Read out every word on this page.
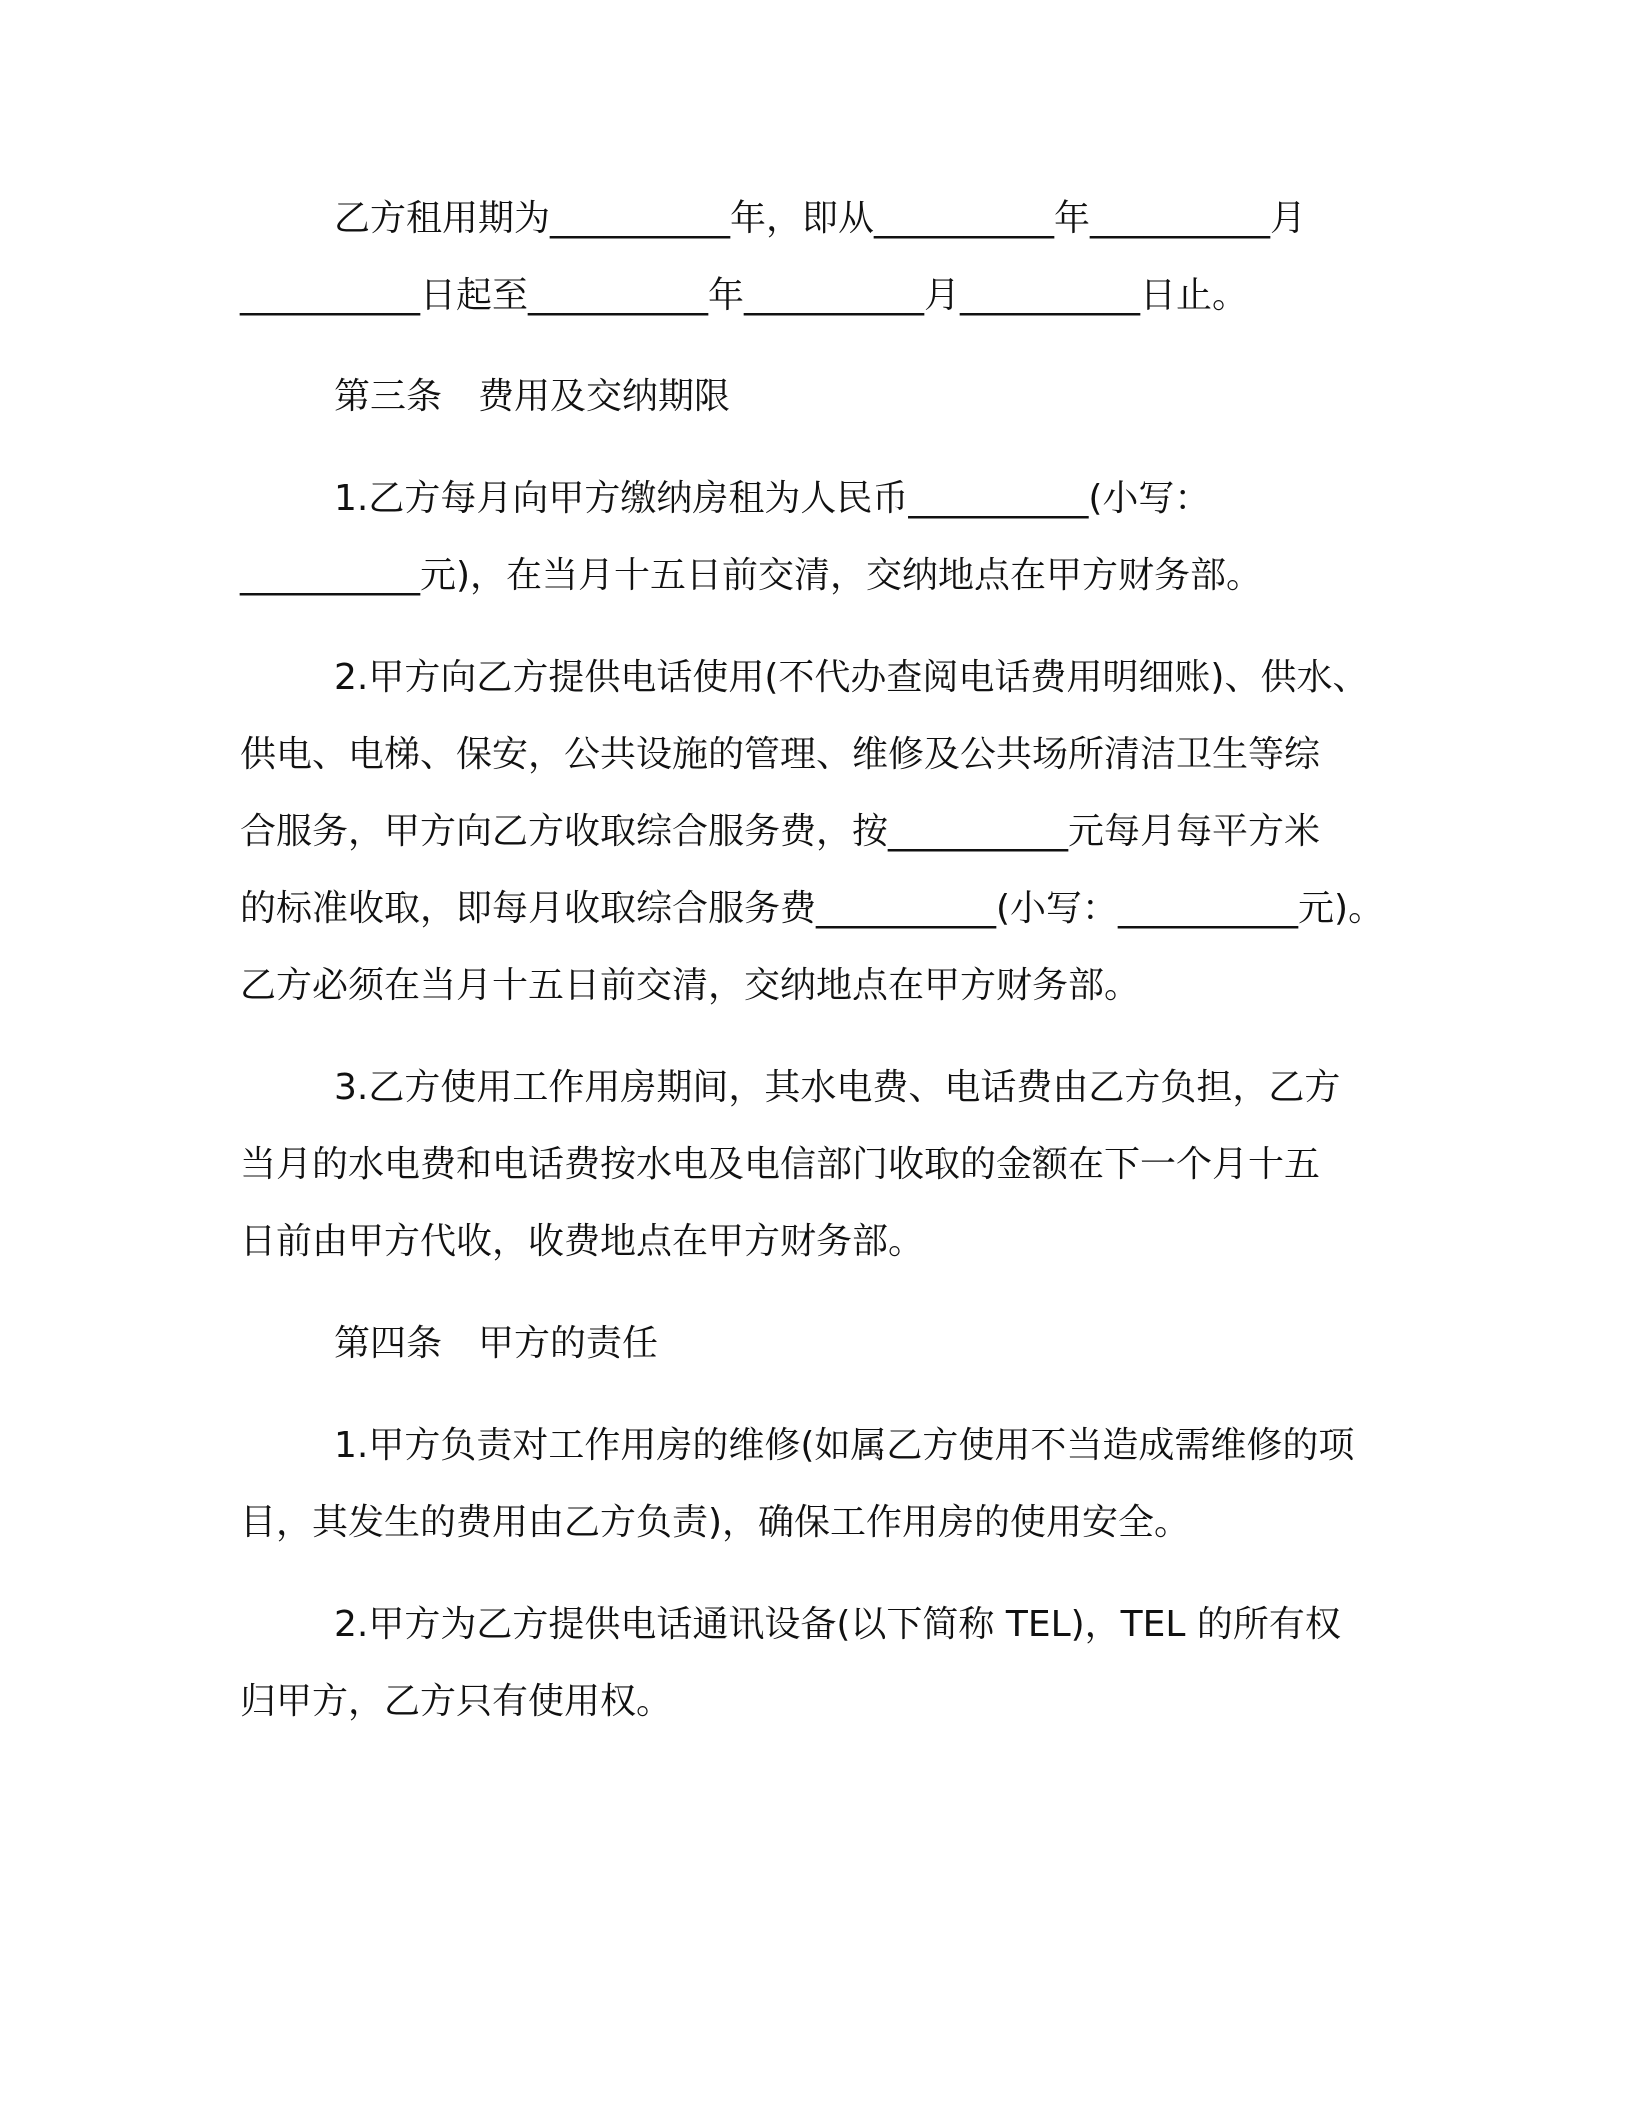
乙方租用期为__________年，即从__________年__________月
__________日起至__________年__________月__________日止。
第三条　费用及交纳期限
1.乙方每月向甲方缴纳房租为人民币__________(小写：
__________元)，在当月十五日前交清，交纳地点在甲方财务部。
2.甲方向乙方提供电话使用(不代办查阅电话费用明细账)、供水、
供电、电梯、保安，公共设施的管理、维修及公共场所清洁卫生等综
合服务，甲方向乙方收取综合服务费，按__________元每月每平方米
的标准收取，即每月收取综合服务费__________(小写：__________元)。
乙方必须在当月十五日前交清，交纳地点在甲方财务部。
3.乙方使用工作用房期间，其水电费、电话费由乙方负担，乙方
当月的水电费和电话费按水电及电信部门收取的金额在下一个月十五
日前由甲方代收，收费地点在甲方财务部。
第四条　甲方的责任
1.甲方负责对工作用房的维修(如属乙方使用不当造成需维修的项
目，其发生的费用由乙方负责)，确保工作用房的使用安全。
2.甲方为乙方提供电话通讯设备(以下简称 TEL)，TEL 的所有权
归甲方，乙方只有使用权。
